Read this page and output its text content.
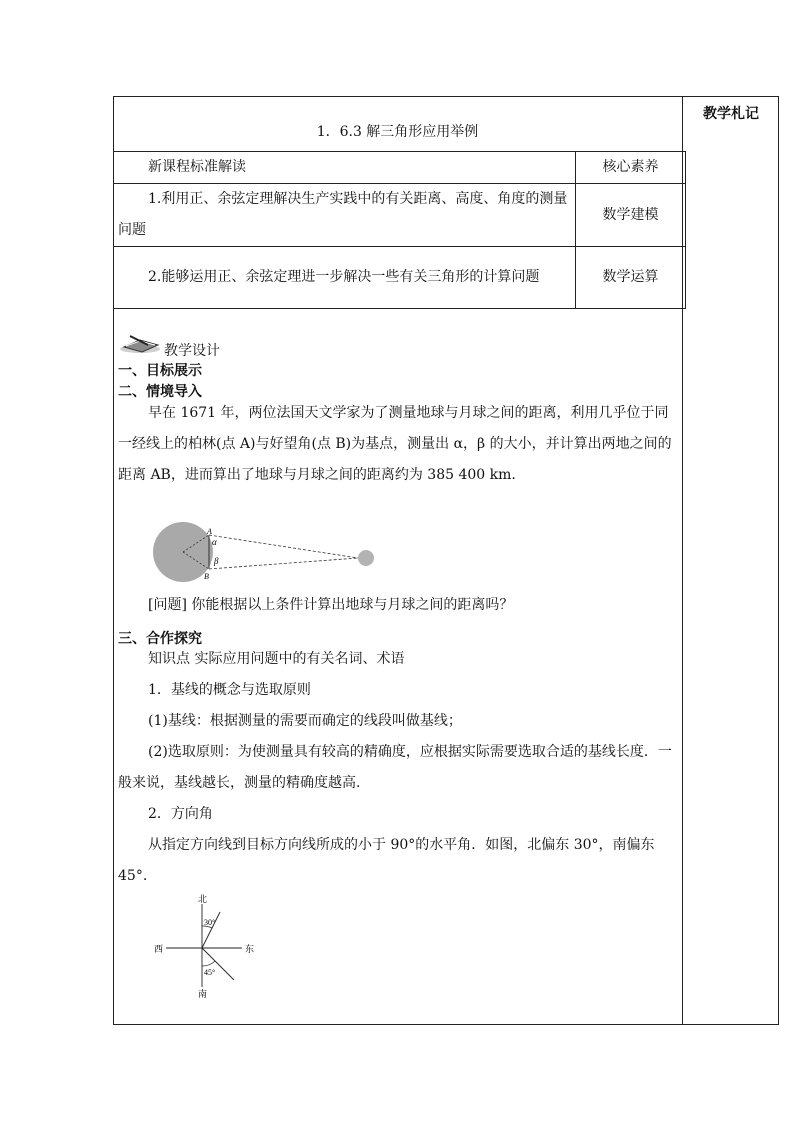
教学札记
1．6.3 解三角形应用举例
新课程标准解读	核心素养
1.利用正、余弦定理解决生产实践中的有关距离、高度、角度的测量问题	数学建模
2.能够运用正、余弦定理进一步解决一些有关三角形的计算问题	数学运算
教学设计
一、目标展示
二、情境导入
早在 1671 年，两位法国天文学家为了测量地球与月球之间的距离，利用几乎位于同一经线上的柏林(点 A)与好望角(点 B)为基点，测量出 α，β 的大小，并计算出两地之间的距离 AB，进而算出了地球与月球之间的距离约为 385 400 km.
A
B
α
β
[问题] 你能根据以上条件计算出地球与月球之间的距离吗？
三、合作探究
知识点 实际应用问题中的有关名词、术语
1．基线的概念与选取原则
(1)基线：根据测量的需要而确定的线段叫做基线；
(2)选取原则：为使测量具有较高的精确度，应根据实际需要选取合适的基线长度．一般来说，基线越长，测量的精确度越高.
2．方向角
从指定方向线到目标方向线所成的小于 90°的水平角．如图，北偏东 30°，南偏东 45°.
北
南
东
西
30°
45°
